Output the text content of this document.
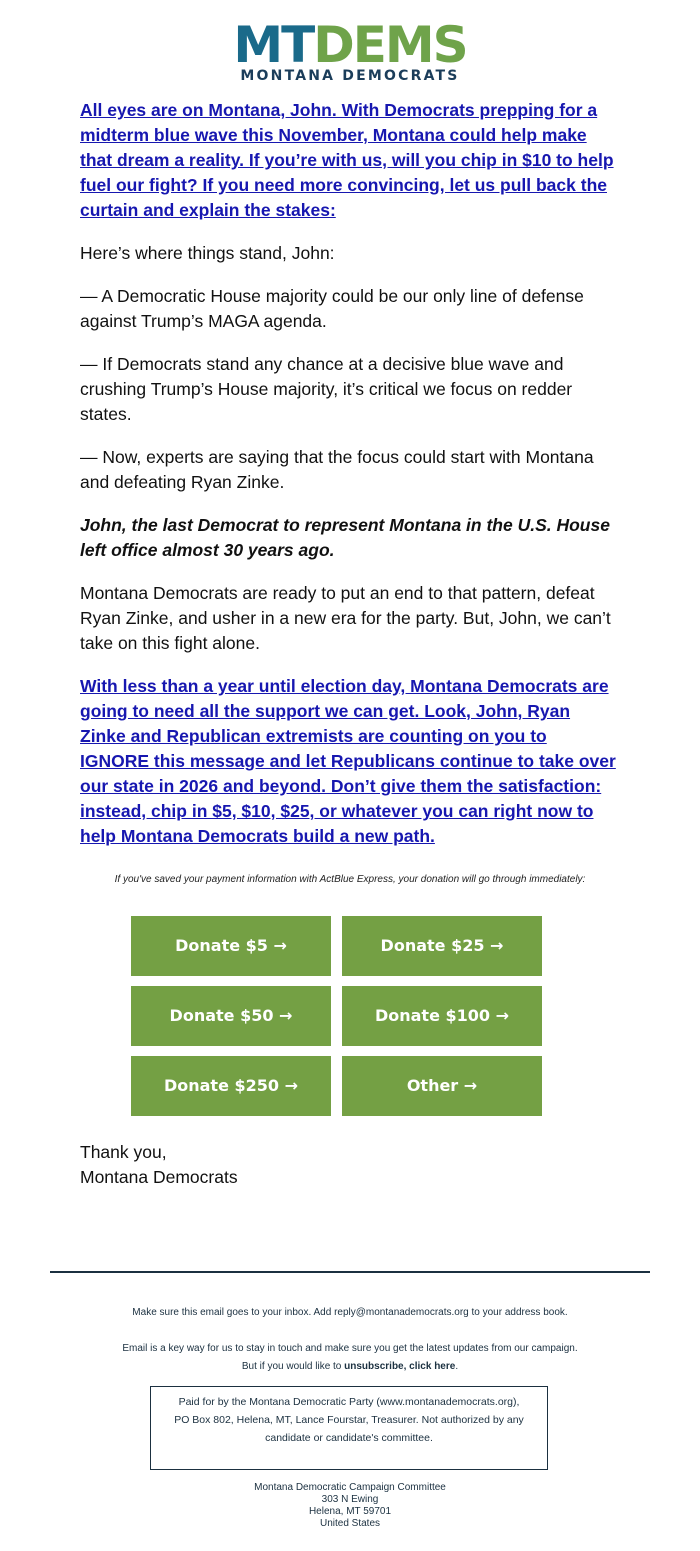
MT DEMS
MONTANA DEMOCRATS

All eyes are on Montana, John. With Democrats prepping for a midterm blue wave this November, Montana could help make that dream a reality. If you’re with us, will you chip in $10 to help fuel our fight? If you need more convincing, let us pull back the curtain and explain the stakes:

Here’s where things stand, John:

— A Democratic House majority could be our only line of defense against Trump’s MAGA agenda.

— If Democrats stand any chance at a decisive blue wave and crushing Trump’s House majority, it’s critical we focus on redder states.

— Now, experts are saying that the focus could start with Montana and defeating Ryan Zinke.

John, the last Democrat to represent Montana in the U.S. House left office almost 30 years ago.

Montana Democrats are ready to put an end to that pattern, defeat Ryan Zinke, and usher in a new era for the party. But, John, we can’t take on this fight alone.

With less than a year until election day, Montana Democrats are going to need all the support we can get. Look, John, Ryan Zinke and Republican extremists are counting on you to IGNORE this message and let Republicans continue to take over our state in 2026 and beyond. Don’t give them the satisfaction: instead, chip in $5, $10, $25, or whatever you can right now to help Montana Democrats build a new path.

If you've saved your payment information with ActBlue Express, your donation will go through immediately:
Donate $5 →	Donate $25 →
Donate $50 →	Donate $100 →
Donate $250 →	Other →
Thank you,
Montana Democrats
Make sure this email goes to your inbox. Add reply@montanademocrats.org to your address book.
Email is a key way for us to stay in touch and make sure you get the latest updates from our campaign.
But if you would like to unsubscribe, click here.
Paid for by the Montana Democratic Party (www.montanademocrats.org), PO Box 802, Helena, MT, Lance Fourstar, Treasurer. Not authorized by any candidate or candidate's committee.
Montana Democratic Campaign Committee
303 N Ewing
Helena, MT 59701
United States
